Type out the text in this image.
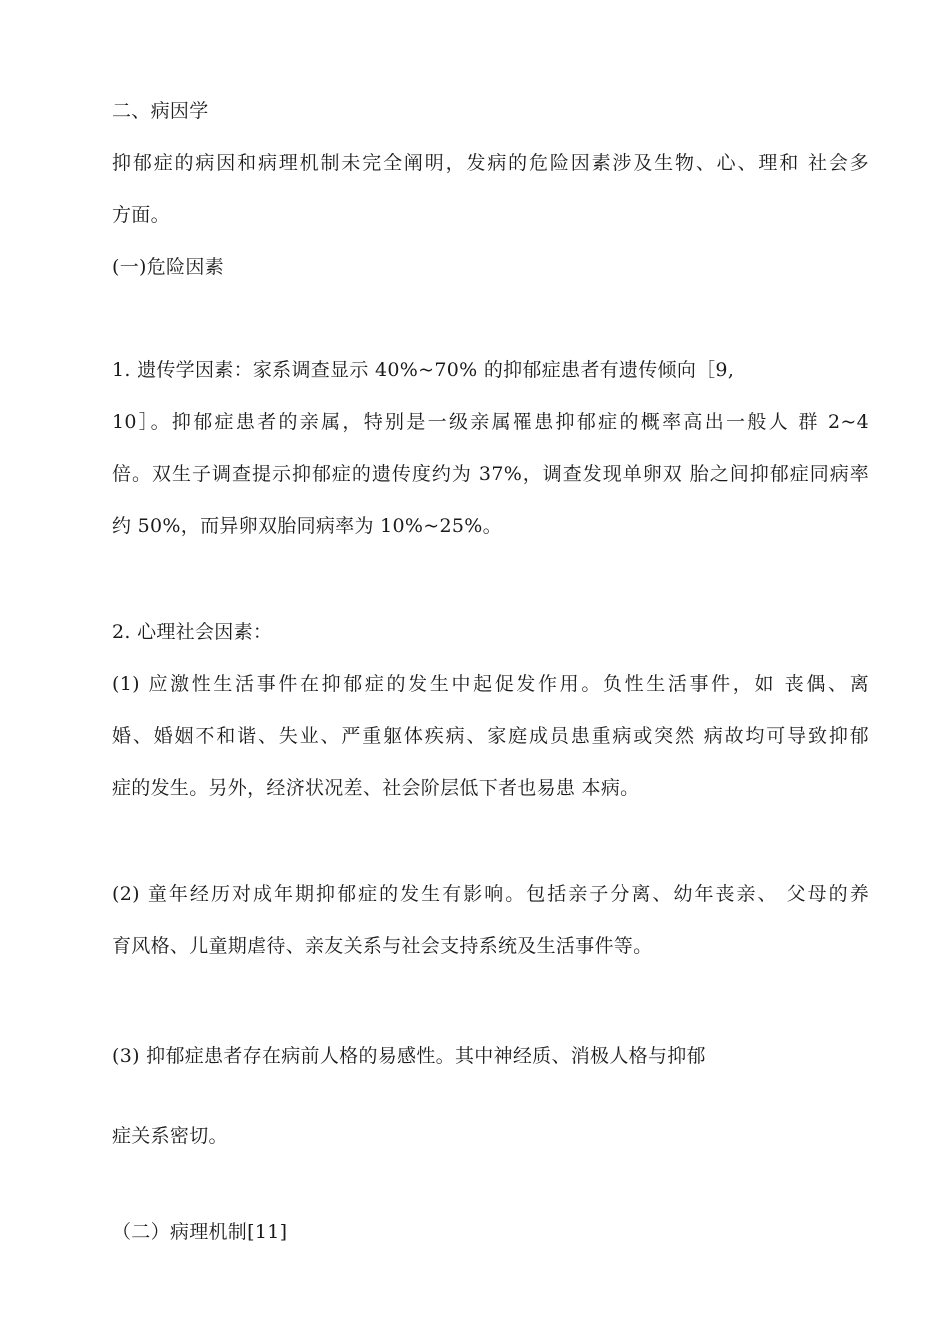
二、病因学
抑郁症的病因和病理机制未完全阐明，发病的危险因素涉及生物、心、理和 社会多
方面。
(一)危险因素
1. 遗传学因素：家系调查显示 40%~70% 的抑郁症患者有遗传倾向［9,
10］。抑郁症患者的亲属，特别是一级亲属罹患抑郁症的概率高出一般人 群 2~4
倍。双生子调查提示抑郁症的遗传度约为 37%，调查发现单卵双 胎之间抑郁症同病率
约 50%，而异卵双胎同病率为 10%~25%。
2. 心理社会因素：
(1) 应激性生活事件在抑郁症的发生中起促发作用。负性生活事件，如 丧偶、离
婚、婚姻不和谐、失业、严重躯体疾病、家庭成员患重病或突然 病故均可导致抑郁
症的发生。另外，经济状况差、社会阶层低下者也易患 本病。
(2) 童年经历对成年期抑郁症的发生有影响。包括亲子分离、幼年丧亲、 父母的养
育风格、儿童期虐待、亲友关系与社会支持系统及生活事件等。
(3) 抑郁症患者存在病前人格的易感性。其中神经质、消极人格与抑郁
症关系密切。
（二）病理机制[11]
